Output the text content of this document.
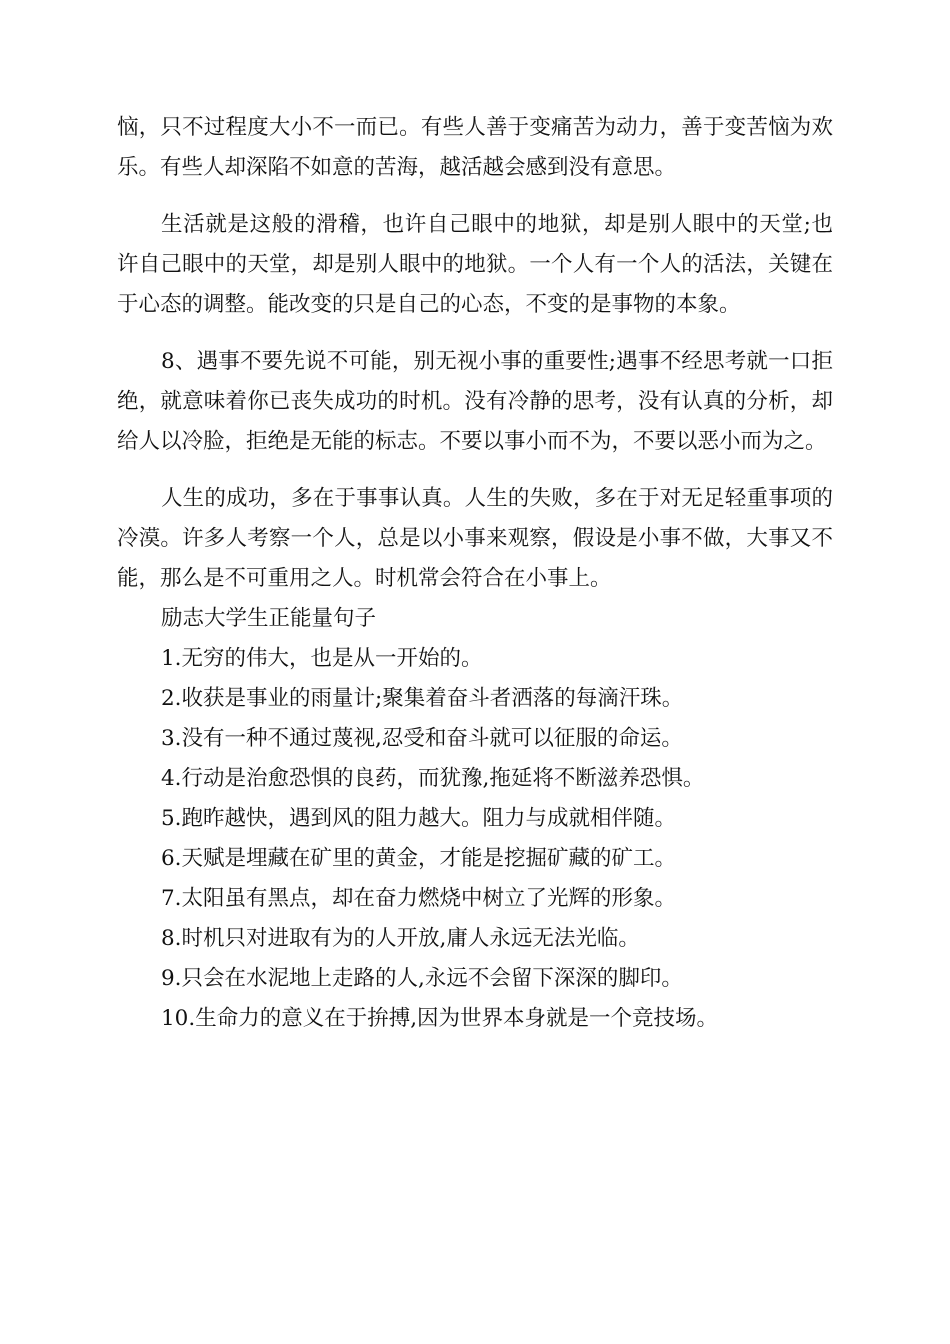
恼，只不过程度大小不一而已。有些人善于变痛苦为动力，善于变苦恼为欢乐。有些人却深陷不如意的苦海，越活越会感到没有意思。

生活就是这般的滑稽，也许自己眼中的地狱，却是别人眼中的天堂;也许自己眼中的天堂，却是别人眼中的地狱。一个人有一个人的活法，关键在于心态的调整。能改变的只是自己的心态，不变的是事物的本象。

8、遇事不要先说不可能，别无视小事的重要性;遇事不经思考就一口拒绝，就意味着你已丧失成功的时机。没有冷静的思考，没有认真的分析，却给人以冷脸，拒绝是无能的标志。不要以事小而不为，不要以恶小而为之。

人生的成功，多在于事事认真。人生的失败，多在于对无足轻重事项的冷漠。许多人考察一个人，总是以小事来观察，假设是小事不做，大事又不能，那么是不可重用之人。时机常会符合在小事上。

励志大学生正能量句子

1.无穷的伟大，也是从一开始的。

2.收获是事业的雨量计;聚集着奋斗者洒落的每滴汗珠。

3.没有一种不通过蔑视,忍受和奋斗就可以征服的命运。

4.行动是治愈恐惧的良药，而犹豫,拖延将不断滋养恐惧。

5.跑昨越快，遇到风的阻力越大。阻力与成就相伴随。

6.天赋是埋藏在矿里的黄金，才能是挖掘矿藏的矿工。

7.太阳虽有黑点，却在奋力燃烧中树立了光辉的形象。

8.时机只对进取有为的人开放,庸人永远无法光临。

9.只会在水泥地上走路的人,永远不会留下深深的脚印。

10.生命力的意义在于拚搏,因为世界本身就是一个竞技场。
